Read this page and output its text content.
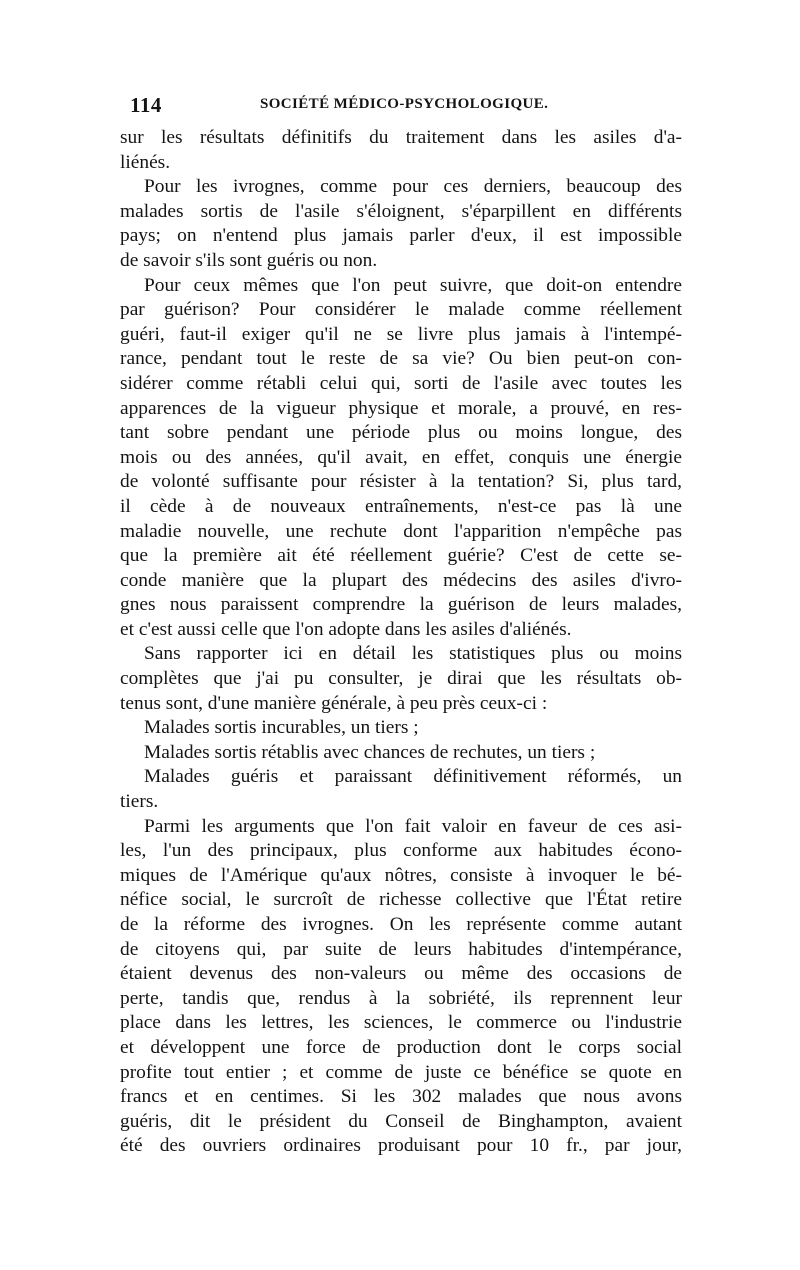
114	SOCIÉTÉ MÉDICO-PSYCHOLOGIQUE.
sur les résultats définitifs du traitement dans les asiles d'a-
liénés.
Pour les ivrognes, comme pour ces derniers, beaucoup des
malades sortis de l'asile s'éloignent, s'éparpillent en différents
pays; on n'entend plus jamais parler d'eux, il est impossible
de savoir s'ils sont guéris ou non.
Pour ceux mêmes que l'on peut suivre, que doit-on entendre
par guérison? Pour considérer le malade comme réellement
guéri, faut-il exiger qu'il ne se livre plus jamais à l'intempé-
rance, pendant tout le reste de sa vie? Ou bien peut-on con-
sidérer comme rétabli celui qui, sorti de l'asile avec toutes les
apparences de la vigueur physique et morale, a prouvé, en res-
tant sobre pendant une période plus ou moins longue, des
mois ou des années, qu'il avait, en effet, conquis une énergie
de volonté suffisante pour résister à la tentation? Si, plus tard,
il cède à de nouveaux entraînements, n'est-ce pas là une
maladie nouvelle, une rechute dont l'apparition n'empêche pas
que la première ait été réellement guérie? C'est de cette se-
conde manière que la plupart des médecins des asiles d'ivro-
gnes nous paraissent comprendre la guérison de leurs malades,
et c'est aussi celle que l'on adopte dans les asiles d'aliénés.
Sans rapporter ici en détail les statistiques plus ou moins
complètes que j'ai pu consulter, je dirai que les résultats ob-
tenus sont, d'une manière générale, à peu près ceux-ci :
Malades sortis incurables, un tiers ;
Malades sortis rétablis avec chances de rechutes, un tiers ;
Malades guéris et paraissant définitivement réformés, un
tiers.
Parmi les arguments que l'on fait valoir en faveur de ces asi-
les, l'un des principaux, plus conforme aux habitudes écono-
miques de l'Amérique qu'aux nôtres, consiste à invoquer le bé-
néfice social, le surcroît de richesse collective que l'État retire
de la réforme des ivrognes. On les représente comme autant
de citoyens qui, par suite de leurs habitudes d'intempérance,
étaient devenus des non-valeurs ou même des occasions de
perte, tandis que, rendus à la sobriété, ils reprennent leur
place dans les lettres, les sciences, le commerce ou l'industrie
et développent une force de production dont le corps social
profite tout entier ; et comme de juste ce bénéfice se quote en
francs et en centimes. Si les 302 malades que nous avons
guéris, dit le président du Conseil de Binghampton, avaient
été des ouvriers ordinaires produisant pour 10 fr., par jour,
